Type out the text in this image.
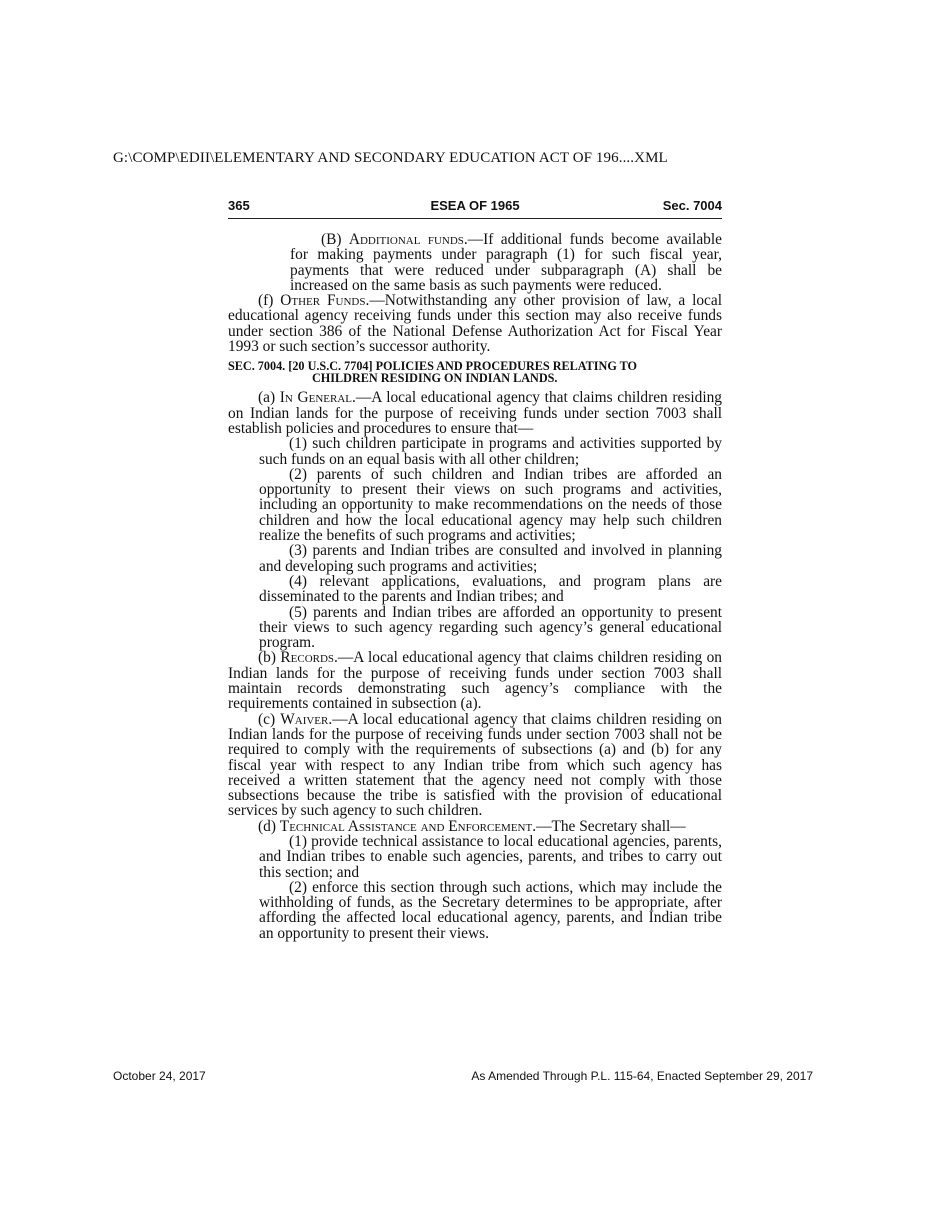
G:\COMP\EDII\ELEMENTARY AND SECONDARY EDUCATION ACT OF 196....XML
365	ESEA OF 1965	Sec. 7004

(B) Additional funds.—If additional funds become available for making payments under paragraph (1) for such fiscal year, payments that were reduced under subparagraph (A) shall be increased on the same basis as such payments were reduced.

(f) Other Funds.—Notwithstanding any other provision of law, a local educational agency receiving funds under this section may also receive funds under section 386 of the National Defense Authorization Act for Fiscal Year 1993 or such section’s successor authority.

SEC. 7004. [20 U.S.C. 7704] POLICIES AND PROCEDURES RELATING TO
CHILDREN RESIDING ON INDIAN LANDS.

(a) In General.—A local educational agency that claims children residing on Indian lands for the purpose of receiving funds under section 7003 shall establish policies and procedures to ensure that—

(1) such children participate in programs and activities supported by such funds on an equal basis with all other children;

(2) parents of such children and Indian tribes are afforded an opportunity to present their views on such programs and activities, including an opportunity to make recommendations on the needs of those children and how the local educational agency may help such children realize the benefits of such programs and activities;

(3) parents and Indian tribes are consulted and involved in planning and developing such programs and activities;

(4) relevant applications, evaluations, and program plans are disseminated to the parents and Indian tribes; and

(5) parents and Indian tribes are afforded an opportunity to present their views to such agency regarding such agency’s general educational program.

(b) Records.—A local educational agency that claims children residing on Indian lands for the purpose of receiving funds under section 7003 shall maintain records demonstrating such agency’s compliance with the requirements contained in subsection (a).

(c) Waiver.—A local educational agency that claims children residing on Indian lands for the purpose of receiving funds under section 7003 shall not be required to comply with the requirements of subsections (a) and (b) for any fiscal year with respect to any Indian tribe from which such agency has received a written statement that the agency need not comply with those subsections because the tribe is satisfied with the provision of educational services by such agency to such children.

(d) Technical Assistance and Enforcement.—The Secretary shall—

(1) provide technical assistance to local educational agencies, parents, and Indian tribes to enable such agencies, parents, and tribes to carry out this section; and

(2) enforce this section through such actions, which may include the withholding of funds, as the Secretary determines to be appropriate, after affording the affected local educational agency, parents, and Indian tribe an opportunity to present their views.

October 24, 2017	As Amended Through P.L. 115-64, Enacted September 29, 2017
